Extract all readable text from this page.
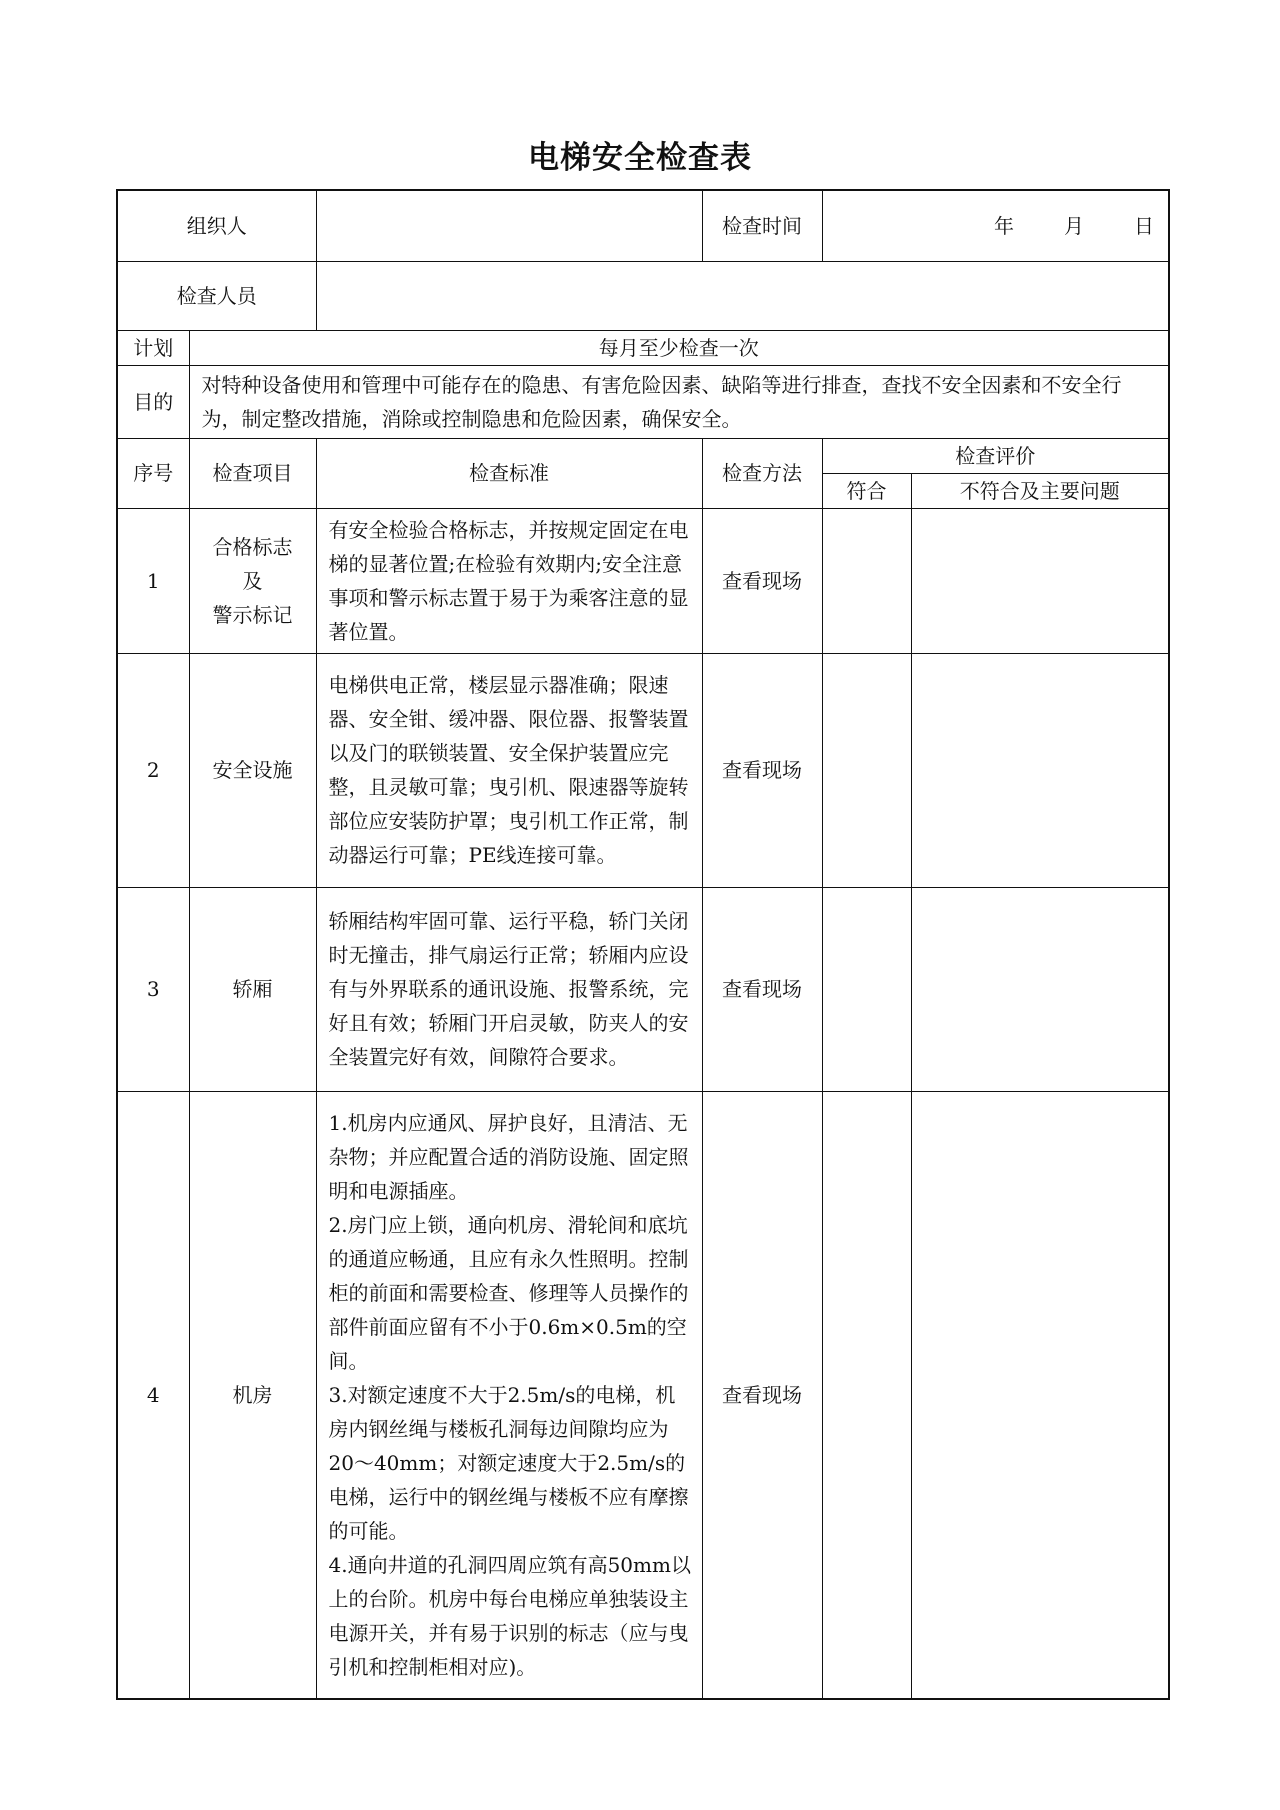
电梯安全检查表
组织人			检查时间	年 月 日	
检查人员					
计划	每月至少检查一次				
目的	对特种设备使用和管理中可能存在的隐患、有害危险因素、缺陷等进行排查，查找不安全因素和不安全行为，制定整改措施，消除或控制隐患和危险因素，确保安全。				
序号	检查项目	检查标准	检查方法	检查评价	
				符合	不符合及主要问题
1	合格标志
及
警示标记	有安全检验合格标志，并按规定固定在电梯的显著位置;在检验有效期内;安全注意事项和警示标志置于易于为乘客注意的显著位置。	查看现场		
2	安全设施	电梯供电正常，楼层显示器准确；限速器、安全钳、缓冲器、限位器、报警装置以及门的联锁装置、安全保护装置应完整，且灵敏可靠；曳引机、限速器等旋转部位应安装防护罩；曳引机工作正常，制动器运行可靠；PE线连接可靠。	查看现场		
3	轿厢	轿厢结构牢固可靠、运行平稳，轿门关闭时无撞击，排气扇运行正常；轿厢内应设有与外界联系的通讯设施、报警系统，完好且有效；轿厢门开启灵敏，防夹人的安全装置完好有效，间隙符合要求。	查看现场		
4	机房	1.机房内应通风、屏护良好，且清洁、无杂物；并应配置合适的消防设施、固定照明和电源插座。
2.房门应上锁，通向机房、滑轮间和底坑的通道应畅通，且应有永久性照明。控制柜的前面和需要检查、修理等人员操作的部件前面应留有不小于0.6m×0.5m的空间。
3.对额定速度不大于2.5m/s的电梯，机房内钢丝绳与楼板孔洞每边间隙均应为 20～40mm；对额定速度大于2.5m/s的电梯，运行中的钢丝绳与楼板不应有摩擦的可能。
4.通向井道的孔洞四周应筑有高50mm以上的台阶。机房中每台电梯应单独装设主电源开关，并有易于识别的标志（应与曳引机和控制柜相对应)。	查看现场		
